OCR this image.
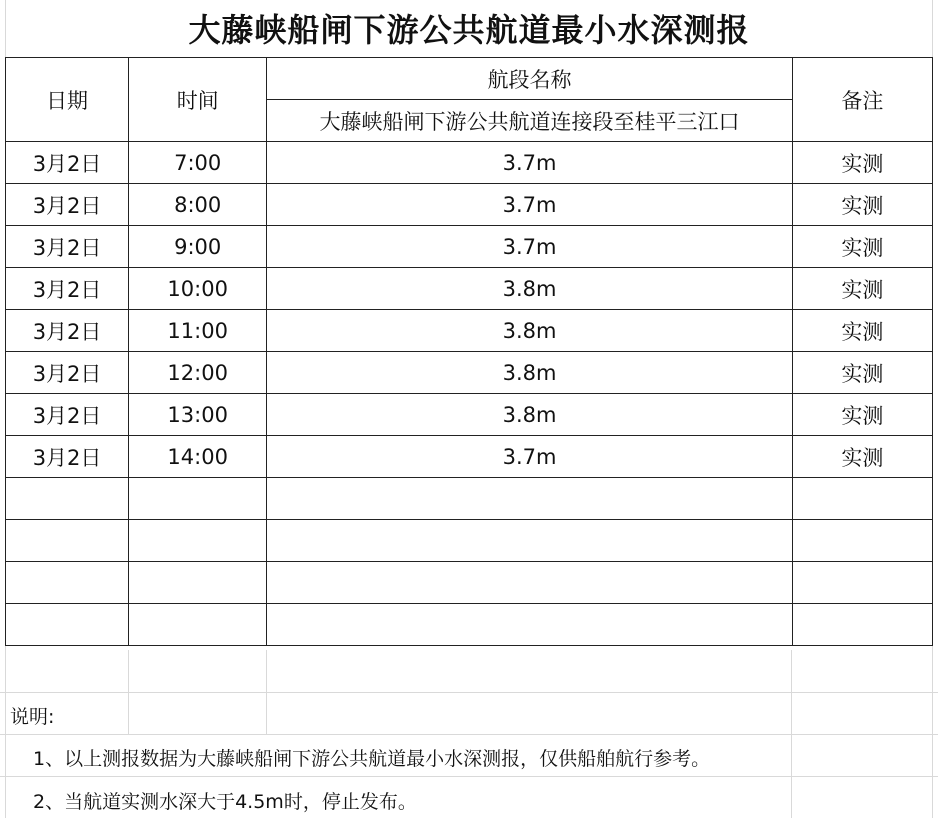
大藤峡船闸下游公共航道最小水深测报
日期	时间	航段名称	备注
		大藤峡船闸下游公共航道连接段至桂平三江口	
3月2日	7:00	3.7m	实测
3月2日	8:00	3.7m	实测
3月2日	9:00	3.7m	实测
3月2日	10:00	3.8m	实测
3月2日	11:00	3.8m	实测
3月2日	12:00	3.8m	实测
3月2日	13:00	3.8m	实测
3月2日	14:00	3.7m	实测

说明:
1、以上测报数据为大藤峡船闸下游公共航道最小水深测报，仅供船舶航行参考。
2、当航道实测水深大于4.5m时，停止发布。
